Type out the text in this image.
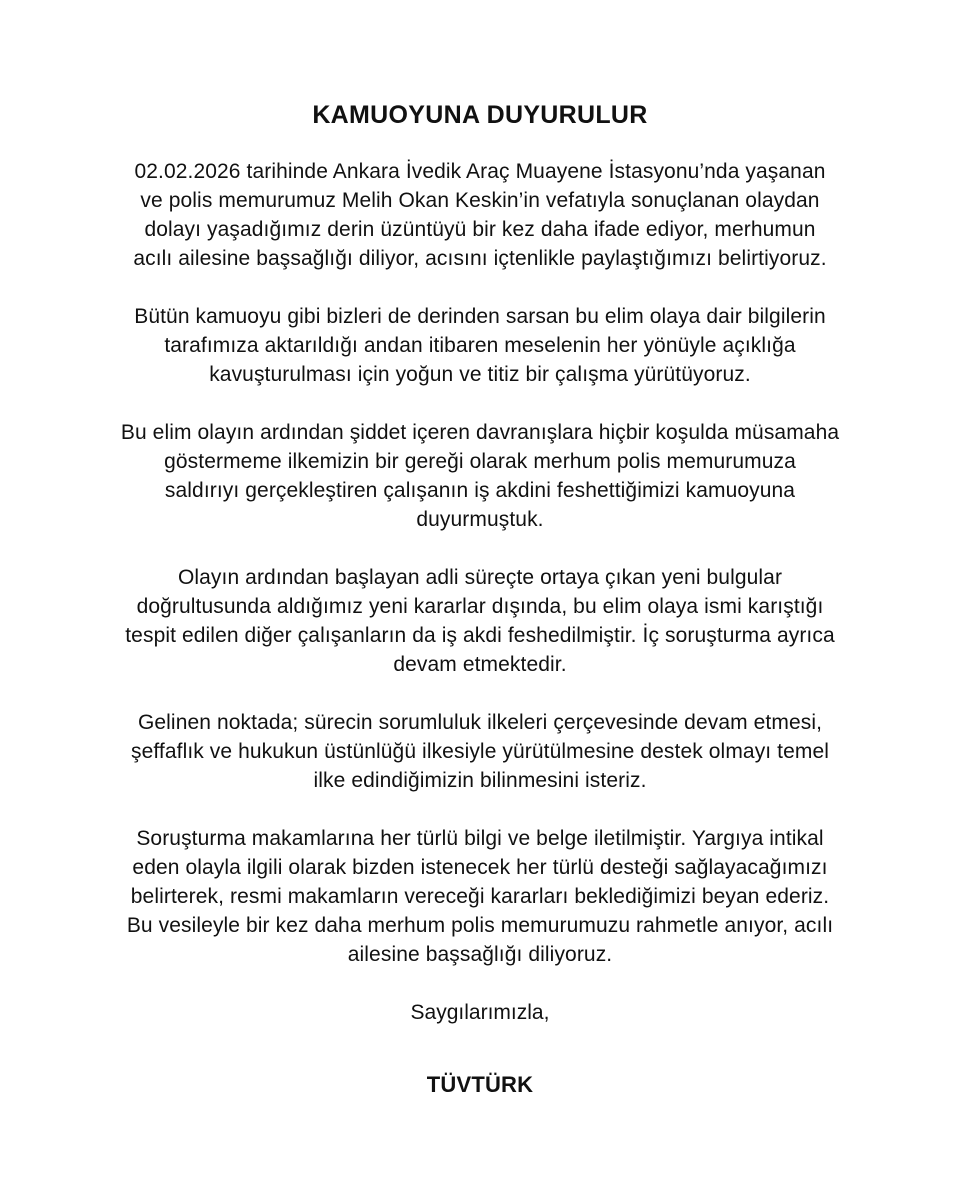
KAMUOYUNA DUYURULUR
02.02.2026 tarihinde Ankara İvedik Araç Muayene İstasyonu’nda yaşanan
ve polis memurumuz Melih Okan Keskin’in vefatıyla sonuçlanan olaydan
dolayı yaşadığımız derin üzüntüyü bir kez daha ifade ediyor, merhumun
acılı ailesine başsağlığı diliyor, acısını içtenlikle paylaştığımızı belirtiyoruz.
Bütün kamuoyu gibi bizleri de derinden sarsan bu elim olaya dair bilgilerin
tarafımıza aktarıldığı andan itibaren meselenin her yönüyle açıklığa
kavuşturulması için yoğun ve titiz bir çalışma yürütüyoruz.
Bu elim olayın ardından şiddet içeren davranışlara hiçbir koşulda müsamaha
göstermeme ilkemizin bir gereği olarak merhum polis memurumuza
saldırıyı gerçekleştiren çalışanın iş akdini feshettiğimizi kamuoyuna
duyurmuştuk.
Olayın ardından başlayan adli süreçte ortaya çıkan yeni bulgular
doğrultusunda aldığımız yeni kararlar dışında, bu elim olaya ismi karıştığı
tespit edilen diğer çalışanların da iş akdi feshedilmiştir. İç soruşturma ayrıca
devam etmektedir.
Gelinen noktada; sürecin sorumluluk ilkeleri çerçevesinde devam etmesi,
şeffaflık ve hukukun üstünlüğü ilkesiyle yürütülmesine destek olmayı temel
ilke edindiğimizin bilinmesini isteriz.
Soruşturma makamlarına her türlü bilgi ve belge iletilmiştir. Yargıya intikal
eden olayla ilgili olarak bizden istenecek her türlü desteği sağlayacağımızı
belirterek, resmi makamların vereceği kararları beklediğimizi beyan ederiz.
Bu vesileyle bir kez daha merhum polis memurumuzu rahmetle anıyor, acılı
ailesine başsağlığı diliyoruz.
Saygılarımızla,
TÜVTÜRK
